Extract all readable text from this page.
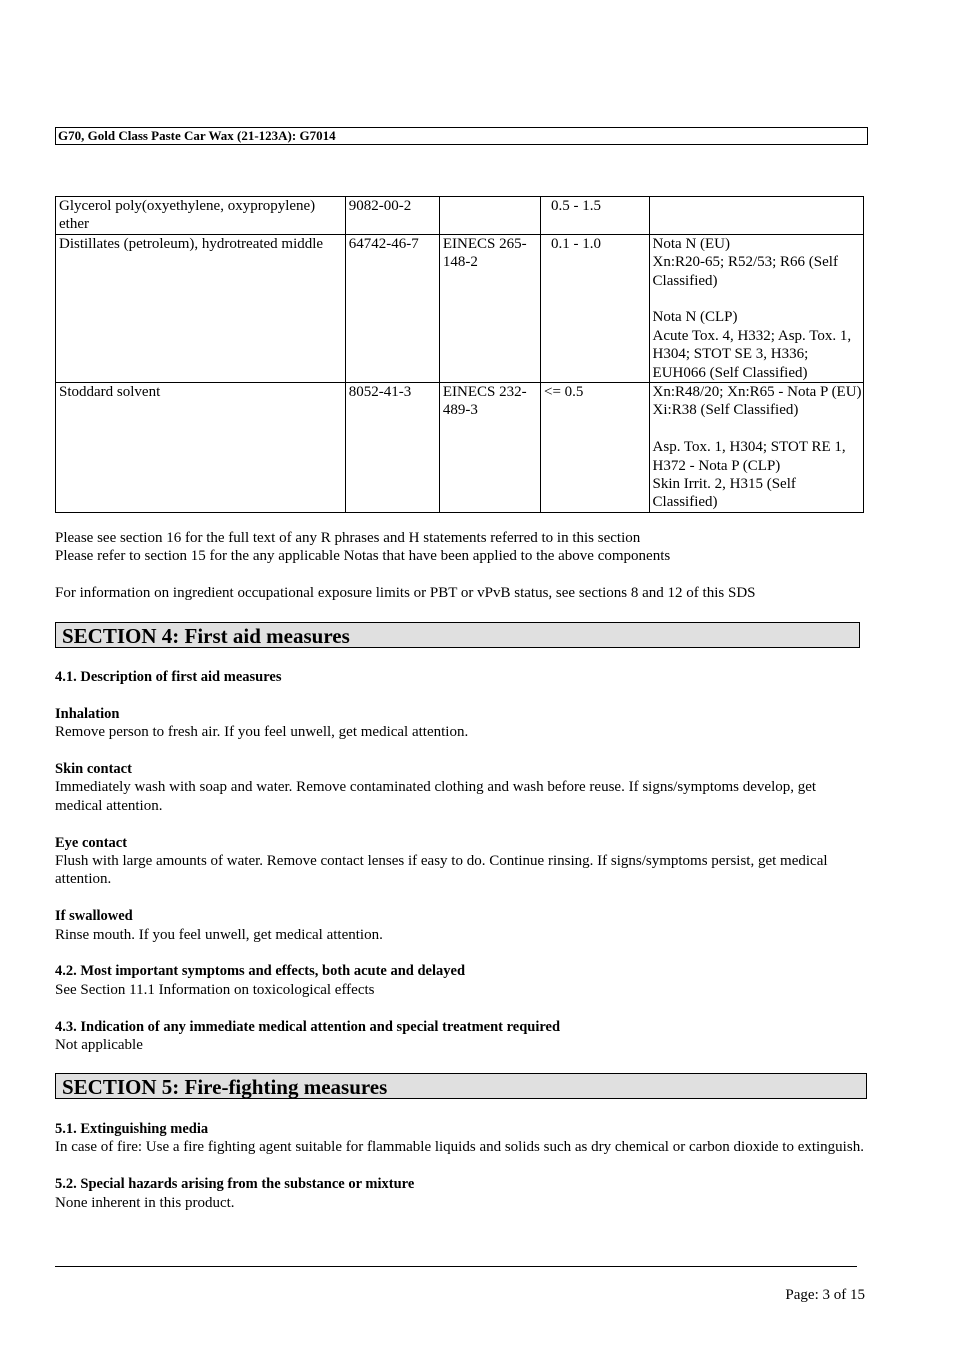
G70, Gold Class Paste Car Wax (21-123A): G7014
Glycerol poly(oxyethylene, oxypropylene) ether	9082-00-2		0.5 - 1.5	

Distillates (petroleum), hydrotreated middle	64742-46-7	EINECS 265-148-2	0.1 - 1.0	Nota N (EU)
Xn:R20-65; R52/53; R66 (Self Classified)
Nota N (CLP)
Acute Tox. 4, H332; Asp. Tox. 1, H304; STOT SE 3, H336; EUH066 (Self Classified)

Stoddard solvent	8052-41-3	EINECS 232-489-3	<= 0.5	Xn:R48/20; Xn:R65 - Nota P (EU)
Xi:R38 (Self Classified)
Asp. Tox. 1, H304; STOT RE 1, H372 - Nota P (CLP)
Skin Irrit. 2, H315 (Self Classified)
Please see section 16 for the full text of any R phrases and H statements referred to in this section
Please refer to section 15 for the any applicable Notas that have been applied to the above components
For information on ingredient occupational exposure limits or PBT or vPvB status, see sections 8 and 12 of this SDS
SECTION 4: First aid measures
4.1. Description of first aid measures
Inhalation
Remove person to fresh air. If you feel unwell, get medical attention.
Skin contact
Immediately wash with soap and water. Remove contaminated clothing and wash before reuse. If signs/symptoms develop, get medical attention.
Eye contact
Flush with large amounts of water. Remove contact lenses if easy to do. Continue rinsing. If signs/symptoms persist, get medical attention.
If swallowed
Rinse mouth. If you feel unwell, get medical attention.
4.2. Most important symptoms and effects, both acute and delayed
See Section 11.1 Information on toxicological effects
4.3. Indication of any immediate medical attention and special treatment required
Not applicable
SECTION 5: Fire-fighting measures
5.1. Extinguishing media
In case of fire: Use a fire fighting agent suitable for flammable liquids and solids such as dry chemical or carbon dioxide to extinguish.
5.2. Special hazards arising from the substance or mixture
None inherent in this product.
Page: 3 of 15
